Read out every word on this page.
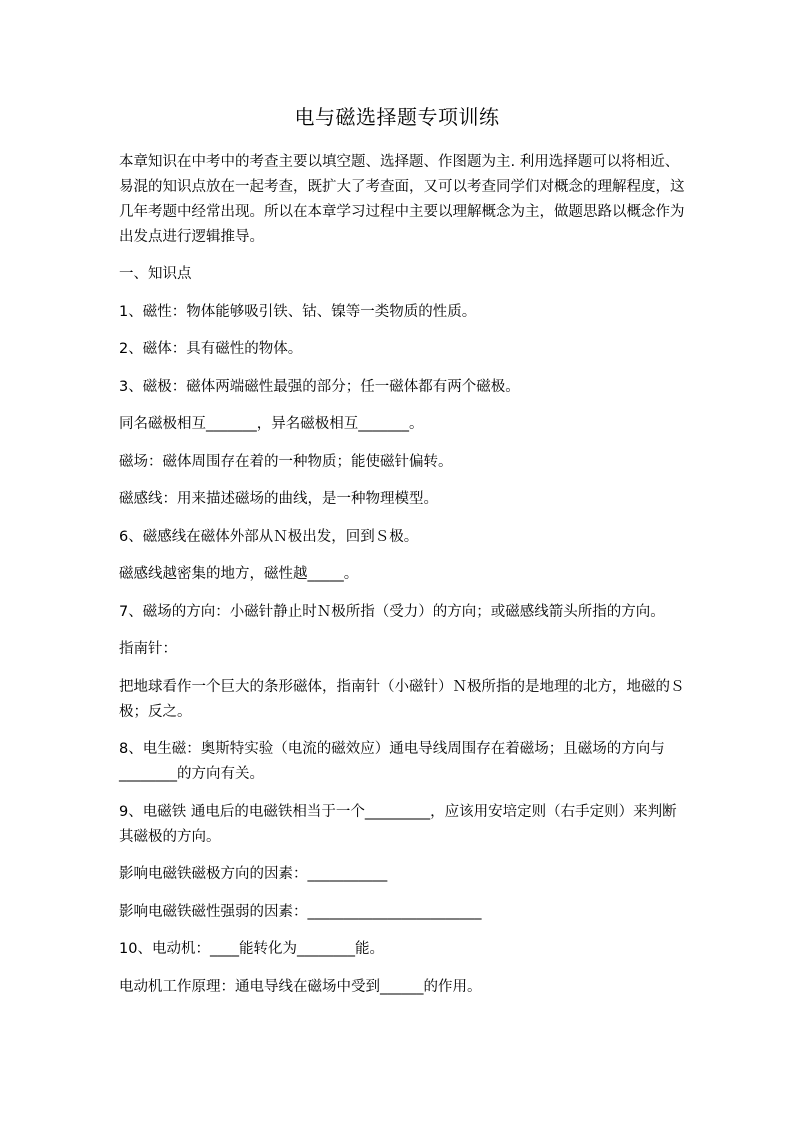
电与磁选择题专项训练

本章知识在中考中的考查主要以填空题、选择题、作图题为主. 利用选择题可以将相近、易混的知识点放在一起考查，既扩大了考查面，又可以考查同学们对概念的理解程度，这几年考题中经常出现。所以在本章学习过程中主要以理解概念为主，做题思路以概念作为出发点进行逻辑推导。

一、知识点

1、磁性：物体能够吸引铁、钴、镍等一类物质的性质。

2、磁体：具有磁性的物体。

3、磁极：磁体两端磁性最强的部分；任一磁体都有两个磁极。

同名磁极相互_______，异名磁极相互_______。

磁场：磁体周围存在着的一种物质；能使磁针偏转。

磁感线：用来描述磁场的曲线，是一种物理模型。

6、磁感线在磁体外部从Ｎ极出发，回到Ｓ极。

磁感线越密集的地方，磁性越_____。

7、磁场的方向：小磁针静止时Ｎ极所指（受力）的方向；或磁感线箭头所指的方向。

指南针：

把地球看作一个巨大的条形磁体，指南针（小磁针）Ｎ极所指的是地理的北方，地磁的Ｓ极；反之。

8、电生磁：奥斯特实验（电流的磁效应）通电导线周围存在着磁场；且磁场的方向与________的方向有关。

9、电磁铁 通电后的电磁铁相当于一个_________，应该用安培定则（右手定则）来判断其磁极的方向。

影响电磁铁磁极方向的因素：___________

影响电磁铁磁性强弱的因素：________________________

10、电动机：____能转化为________能。

电动机工作原理：通电导线在磁场中受到______的作用。
